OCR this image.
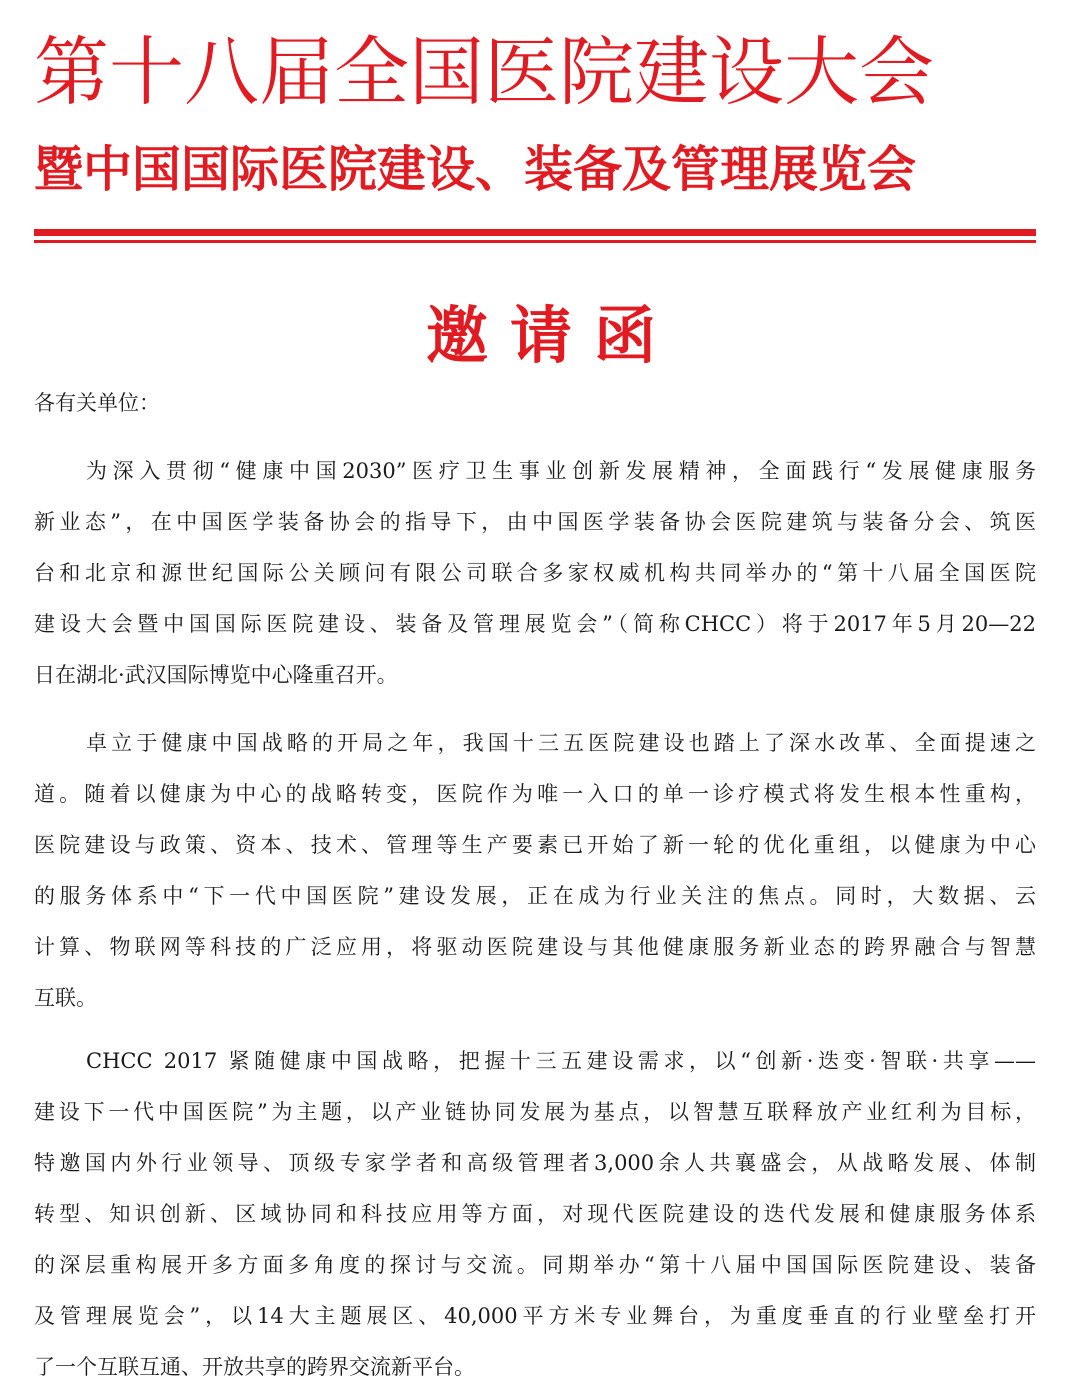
第十八届全国医院建设大会
暨中国国际医院建设、装备及管理展览会
邀请函
各有关单位：
为深入贯彻“健康中国2030”医疗卫生事业创新发展精神，全面践行“发展健康服务
新业态”，在中国医学装备协会的指导下，由中国医学装备协会医院建筑与装备分会、筑医
台和北京和源世纪国际公关顾问有限公司联合多家权威机构共同举办的“第十八届全国医院
建设大会暨中国国际医院建设、装备及管理展览会”（简称CHCC）将于2017年5月20—22
日在湖北·武汉国际博览中心隆重召开。
卓立于健康中国战略的开局之年，我国十三五医院建设也踏上了深水改革、全面提速之
道。随着以健康为中心的战略转变，医院作为唯一入口的单一诊疗模式将发生根本性重构，
医院建设与政策、资本、技术、管理等生产要素已开始了新一轮的优化重组，以健康为中心
的服务体系中“下一代中国医院”建设发展，正在成为行业关注的焦点。同时，大数据、云
计算、物联网等科技的广泛应用，将驱动医院建设与其他健康服务新业态的跨界融合与智慧
互联。
CHCC 2017 紧随健康中国战略，把握十三五建设需求，以“创新·迭变·智联·共享——
建设下一代中国医院”为主题，以产业链协同发展为基点，以智慧互联释放产业红利为目标，
特邀国内外行业领导、顶级专家学者和高级管理者3,000余人共襄盛会，从战略发展、体制
转型、知识创新、区域协同和科技应用等方面，对现代医院建设的迭代发展和健康服务体系
的深层重构展开多方面多角度的探讨与交流。同期举办“第十八届中国国际医院建设、装备
及管理展览会”，以14大主题展区、40,000平方米专业舞台，为重度垂直的行业壁垒打开
了一个互联互通、开放共享的跨界交流新平台。
